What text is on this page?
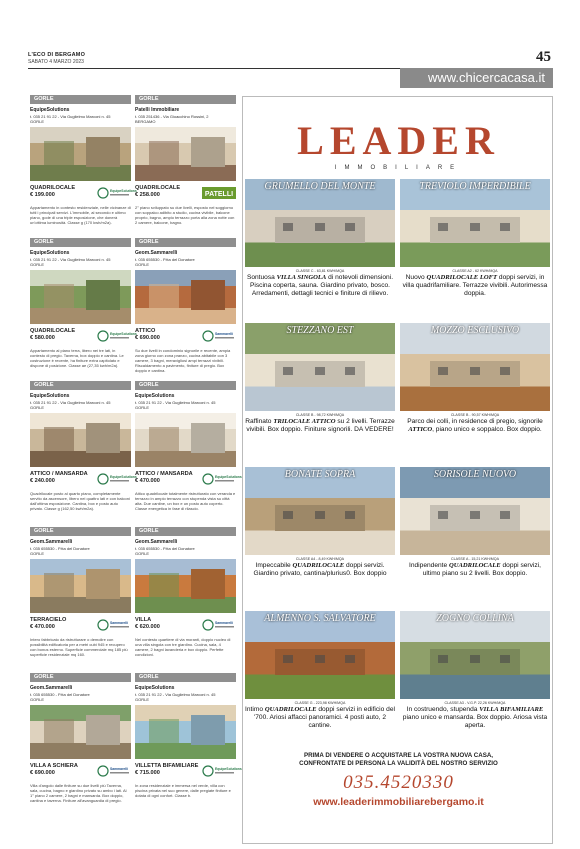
L'ECO DI BERGAMO
SABATO 4 MARZO 2023	45
www.chicercacasa.it
GORLE
EquipeSolutions
t. 035 21 91 22 - Via Guglielmo Marconi n. 45
GORLE
QUADRILOCALE
€ 199.000
EquipeSolutions
Appartamento in contesto residenziale, nelle vicinanze di tutti i principali servizi. L'immobile, al secondo e ultimo piano, gode di una triple esposizione, che donerà un'ottima luminosità. Classe g (170 kwh/m2a).
GORLE
Patelli Immobiliare
t. 035 251436 - Via Gioacchino Rossini, 2
BERGAMO
QUADRILOCALE
€ 258.000	PATELLI
2° piano sviluppato su due livelli, esposto nel soggiorno con soppalco adibito a studio, cucina vivibile, balcone proprio, bagno, ampio terrazzo porta alla zona notte con 2 camere, balcone, bagno.
GORLE
EquipeSolutions
t. 035 21 91 22 - Via Guglielmo Marconi n. 45
GORLE
QUADRILOCALE
€ 580.000
EquipeSolutions
Appartamento al piano terra, libero nei tre lati, in contesto di pregio. Taverna, box doppio e cantina. Le costruzione è recente, ha finiture extra capitolato e dispone di posizione. Classe ae (27,35 kwh/m2a).
GORLE
Geom.Sammarelli
t. 035 655530 - P.tta del Donatore
GORLE
ATTICO
€ 690.000
Sammarelli
Su due livelli in condominio signorile e recente, ampia zona giorno con zona pranzo, cucina abitabile con 3 camere, 3 bagni, meravigliosi ampi terrazzi vivibili. Riscaldamento a pavimento, finiture di pregio. Box doppio e cantina.
GORLE
EquipeSolutions
t. 035 21 91 22 - Via Guglielmo Marconi n. 45
GORLE
ATTICO / MANSARDA
€ 240.000
EquipeSolutions
Quadrilocale posto al quarto piano, completamente servito da ascensore, libero nei quattro lati e con balconi dall'ottima esposizione. Cantina, box e posto auto privato. Classe g (162,50 kwh/m2a).
GORLE
EquipeSolutions
t. 035 21 91 22 - Via Guglielmo Marconi n. 45
GORLE
ATTICO / MANSARDA
€ 470.000
EquipeSolutions
Attico quadrilocale totalmente ristrutturato con veranda e terrazzo in ampio terrazzo con stupenda vista su città alta. Due cantine, un box e un posto auto coperto. Classe energetica in fase di rilascio.
GORLE
Geom.Sammarelli
t. 035 655530 - P.tta del Donatore
GORLE
TERRACIELO
€ 470.000
Sammarelli
Intero fabbricato da ristrutturare o demolire con possibilità edificatoria per a metri cubi 945 e recupero con bonus esterno. Superficie commerciale mq 185 più superficie residenziale mq 160.
GORLE
Geom.Sammarelli
t. 035 655530 - P.tta del Donatore
GORLE
VILLA
€ 620.000
Sammarelli
Nel contesto quartiere di via moranti, doppio nucleo di una villa singola con tre giardino. Cucina, sala, 4 camere, 2 bagni lavanderia e box doppio. Perfette condizioni.
GORLE
Geom.Sammarelli
t. 035 655530 - P.tta del Donatore
GORLE
VILLA A SCHIERA
€ 690.000
Sammarelli
Villa d'angolo dalle finiture su due livelli più Taverna, sala, cucina, bagno e giardino privato su ambo i lati. Al 1° piano 2 camere, 2 bagni e mansarda. Box doppio, cantina e taverna. Finiture all'avanguardia di pregio.
GORLE
EquipeSolutions
t. 035 21 91 22 - Via Guglielmo Marconi n. 45
GORLE
VILLETTA BIFAMILIARE
€ 715.000
EquipeSolutions
In zona residenziale e immersa nel verde, villa con piscina privata nel suo genere, dalle pregiate finiture e dotata di ogni confort. Classe b.
LEADER
IMMOBILIARE
GRUMELLO DEL MONTE
CLASSE C - 63,81 KWH/MQA
Sontuosa VILLA SINGOLA di notevoli dimensioni. Piscina coperta, sauna. Giardino privato, bosco. Arredamenti, dettagli tecnici e finiture di rilievo.
TREVIOLO IMPERDIBILE
CLASSE A2 - 62 KWH/MQA
Nuovo QUADRILOCALE LOFT doppi servizi, in villa quadrifamiliare. Terrazze vivibili. Autorimessa doppia.
STEZZANO EST
CLASSE B - 98,72 KWH/MQA
Raffinato TRILOCALE ATTICO su 2 livelli. Terrazze vivibili. Box doppio. Finiture signorili. DA VEDERE!
MOZZO ESCLUSIVO
CLASSE B - 90,57 KWH/MQA
Parco dei colli, in residence di pregio, signorile ATTICO, piano unico e soppalco. Box doppio.
BONATE SOPRA
CLASSE A4 - 8,49 KWH/MQA
Impeccabile QUADRILOCALE doppi servizi. Giardino privato, cantina/plurius0. Box doppio
SORISOLE NUOVO
CLASSE A - 15,21 KWH/MQA
Indipendente QUADRILOCALE doppi servizi, ultimo piano su 2 livelli. Box doppio.
ALMENNO S. SALVATORE
CLASSE G - 223,98 KWH/MQA
Intimo QUADRILOCALE doppi servizi in edificio del '700. Ariosi affacci panoramici. 4 posti auto, 2 cantine.
ZOGNO COLLINA
CLASSE A3 - V.G.P. 22,26 KWH/MQA
In costruendo, stupenda VILLA BIFAMILIARE piano unico e mansarda. Box doppio. Ariosa vista aperta.
PRIMA DI VENDERE O ACQUISTARE LA VOSTRA NUOVA CASA,
CONFRONTATE DI PERSONA LA VALIDITÀ DEL NOSTRO SERVIZIO
035.4520330
www.leaderimmobiliarebergamo.it
